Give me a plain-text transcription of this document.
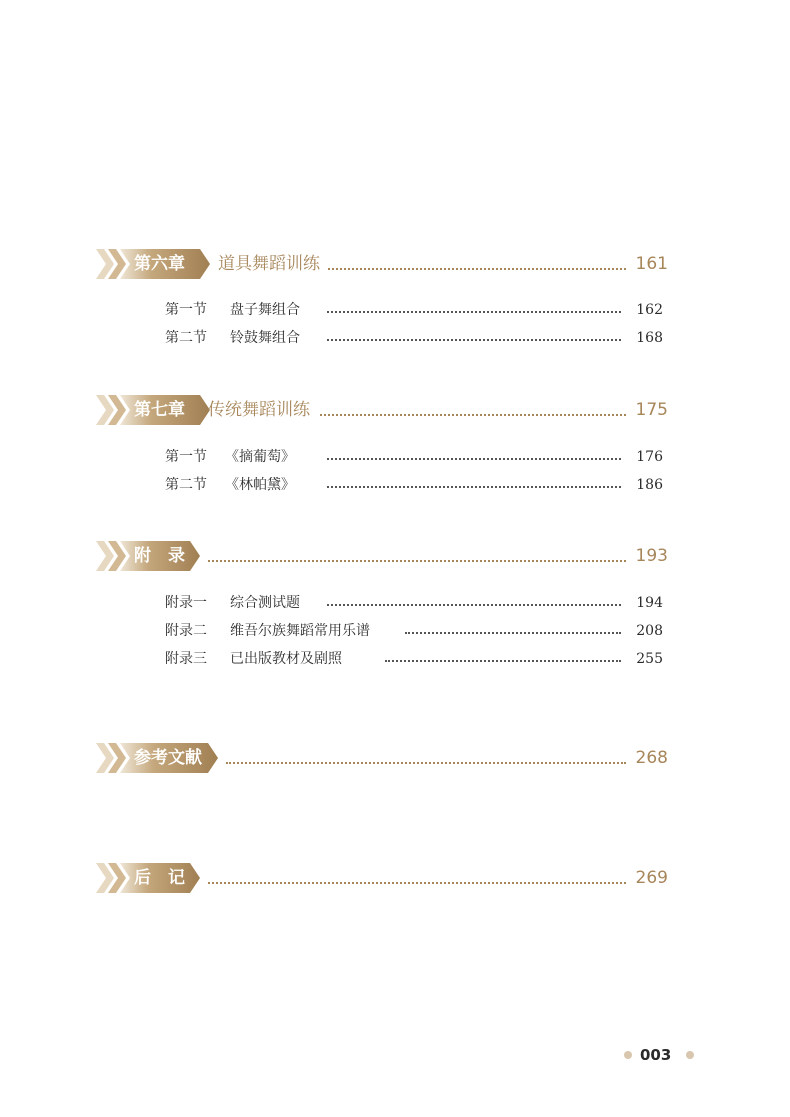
第六章 道具舞蹈训练	161
第一节 盘子舞组合	162
第二节 铃鼓舞组合	168
第七章 传统舞蹈训练	175
第一节 《摘葡萄》	176
第二节 《林帕黛》	186
附　录	193
附录一 综合测试题	194
附录二 维吾尔族舞蹈常用乐谱	208
附录三 已出版教材及剧照	255
参考文献	268
后　记	269
003
